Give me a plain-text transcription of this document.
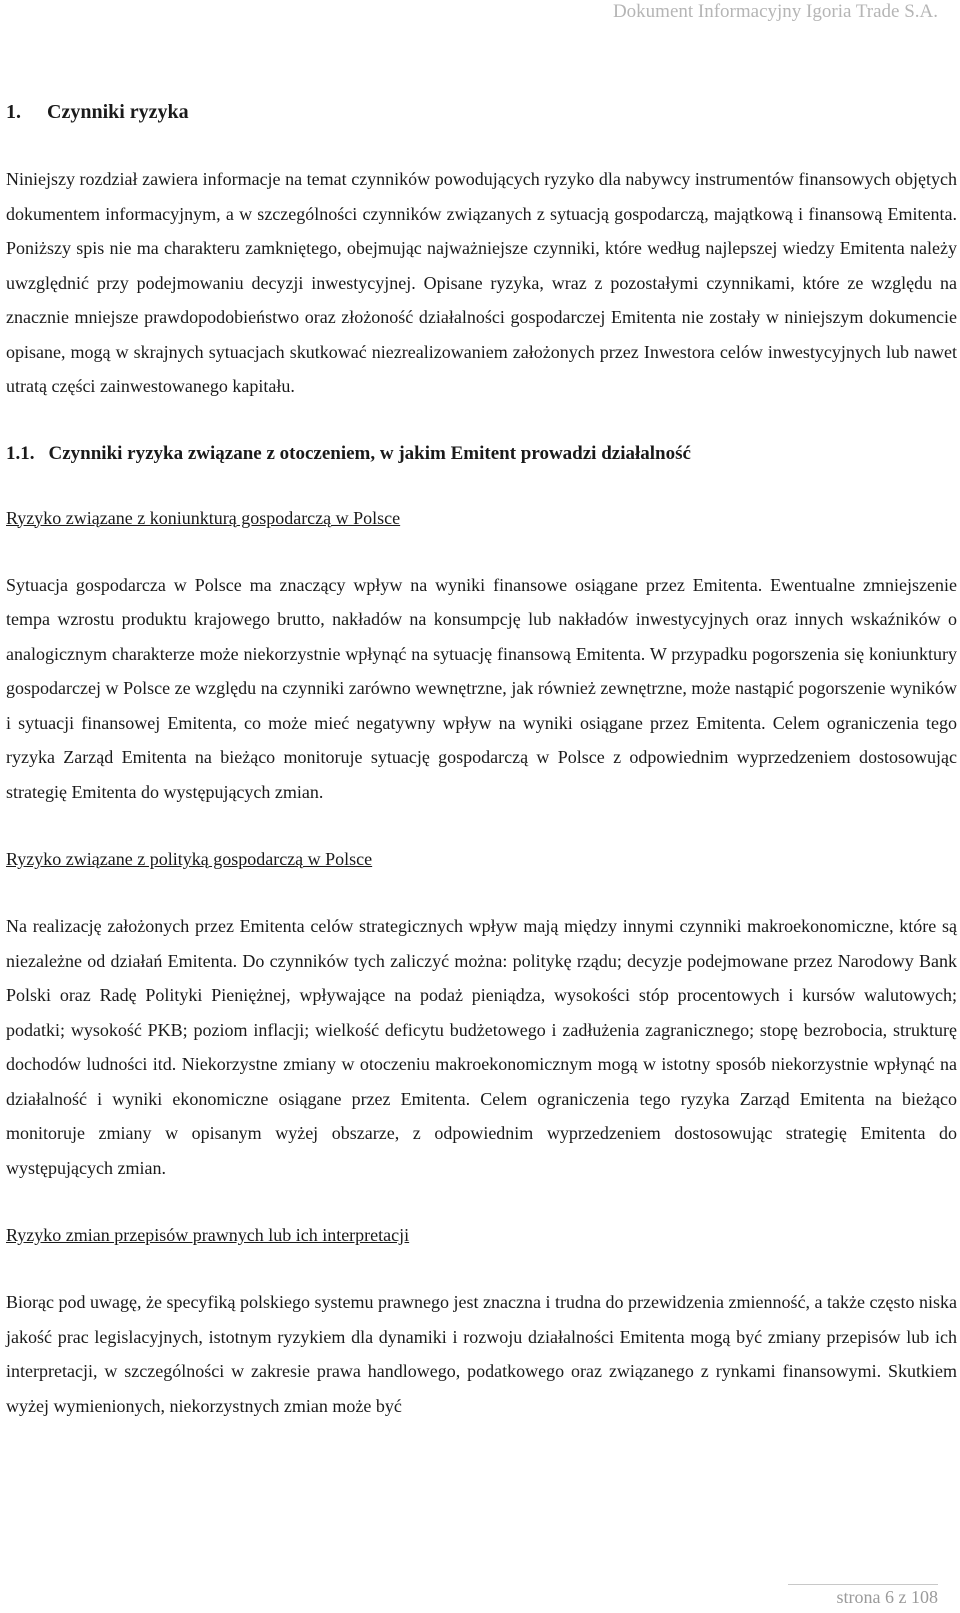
Dokument Informacyjny Igoria Trade S.A.
1. Czynniki ryzyka

Niniejszy rozdział zawiera informacje na temat czynników powodujących ryzyko dla nabywcy instrumentów finansowych objętych dokumentem informacyjnym, a w szczególności czynników związanych z sytuacją gospodarczą, majątkową i finansową Emitenta. Poniższy spis nie ma charakteru zamkniętego, obejmując najważniejsze czynniki, które według najlepszej wiedzy Emitenta należy uwzględnić przy podejmowaniu decyzji inwestycyjnej. Opisane ryzyka, wraz z pozostałymi czynnikami, które ze względu na znacznie mniejsze prawdopodobieństwo oraz złożoność działalności gospodarczej Emitenta nie zostały w niniejszym dokumencie opisane, mogą w skrajnych sytuacjach skutkować niezrealizowaniem założonych przez Inwestora celów inwestycyjnych lub nawet utratą części zainwestowanego kapitału.

1.1. Czynniki ryzyka związane z otoczeniem, w jakim Emitent prowadzi działalność
Ryzyko związane z koniunkturą gospodarczą w Polsce

Sytuacja gospodarcza w Polsce ma znaczący wpływ na wyniki finansowe osiągane przez Emitenta. Ewentualne zmniejszenie tempa wzrostu produktu krajowego brutto, nakładów na konsumpcję lub nakładów inwestycyjnych oraz innych wskaźników o analogicznym charakterze może niekorzystnie wpłynąć na sytuację finansową Emitenta. W przypadku pogorszenia się koniunktury gospodarczej w Polsce ze względu na czynniki zarówno wewnętrzne, jak również zewnętrzne, może nastąpić pogorszenie wyników i sytuacji finansowej Emitenta, co może mieć negatywny wpływ na wyniki osiągane przez Emitenta. Celem ograniczenia tego ryzyka Zarząd Emitenta na bieżąco monitoruje sytuację gospodarczą w Polsce z odpowiednim wyprzedzeniem dostosowując strategię Emitenta do występujących zmian.

Ryzyko związane z polityką gospodarczą w Polsce

Na realizację założonych przez Emitenta celów strategicznych wpływ mają między innymi czynniki makroekonomiczne, które są niezależne od działań Emitenta. Do czynników tych zaliczyć można: politykę rządu; decyzje podejmowane przez Narodowy Bank Polski oraz Radę Polityki Pieniężnej, wpływające na podaż pieniądza, wysokości stóp procentowych i kursów walutowych; podatki; wysokość PKB; poziom inflacji; wielkość deficytu budżetowego i zadłużenia zagranicznego; stopę bezrobocia, strukturę dochodów ludności itd. Niekorzystne zmiany w otoczeniu makroekonomicznym mogą w istotny sposób niekorzystnie wpłynąć na działalność i wyniki ekonomiczne osiągane przez Emitenta. Celem ograniczenia tego ryzyka Zarząd Emitenta na bieżąco monitoruje zmiany w opisanym wyżej obszarze, z odpowiednim wyprzedzeniem dostosowując strategię Emitenta do występujących zmian.

Ryzyko zmian przepisów prawnych lub ich interpretacji

Biorąc pod uwagę, że specyfiką polskiego systemu prawnego jest znaczna i trudna do przewidzenia zmienność, a także często niska jakość prac legislacyjnych, istotnym ryzykiem dla dynamiki i rozwoju działalności Emitenta mogą być zmiany przepisów lub ich interpretacji, w szczególności w zakresie prawa handlowego, podatkowego oraz związanego z rynkami finansowymi. Skutkiem wyżej wymienionych, niekorzystnych zmian może być

strona 6 z 108
